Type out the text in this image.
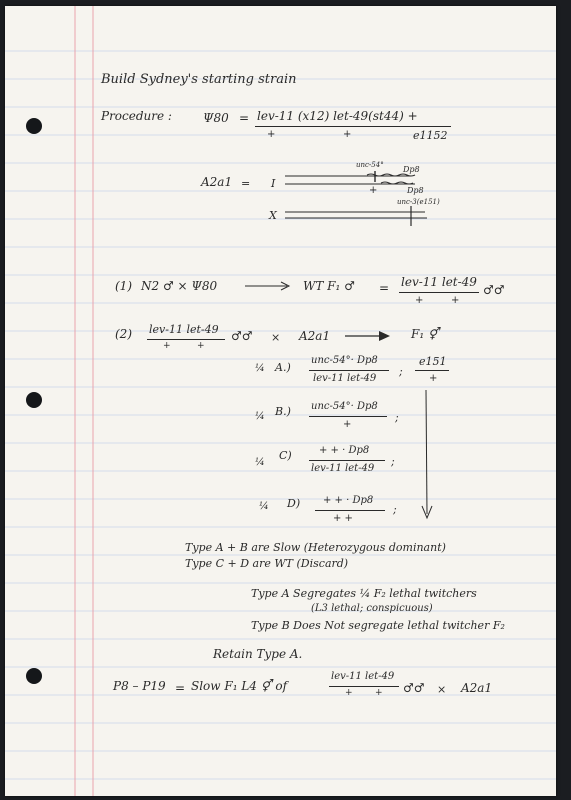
Build Sydney's starting strain
Procedure :	Ψ80 = lev-11 (x12) let-49(st44) +
+	+	e1152
A2a1 = I
unc-54° Dp8
+	Dp8
X
unc-3(e151)
(1) N2 ♂ × Ψ80	WT F₁ ♂ = lev-11 let-49
+	+
♂♂
(2) lev-11 let-49
+	+
♂♂ × A2a1	F₁ ⚥
¼ A.)
unc-54°· Dp8
lev-11 let-49
;
e151
+
¼ B.) unc-54°· Dp8
+
;
¼
C)	+ + · Dp8
lev-11 let-49
;
¼ D) + + · Dp8
+ +
;
Type A + B are Slow (Heterozygous dominant)
Type C + D are WT (Discard)
Type A Segregates ¼ F₂ lethal twitchers
(L3 lethal; conspicuous)
Type B Does Not segregate lethal twitcher F₂
Retain Type A.
P8 – P19 = Slow F₁ L4 ⚥ of
lev-11 let-49
+ + ♂♂ × A2a1
